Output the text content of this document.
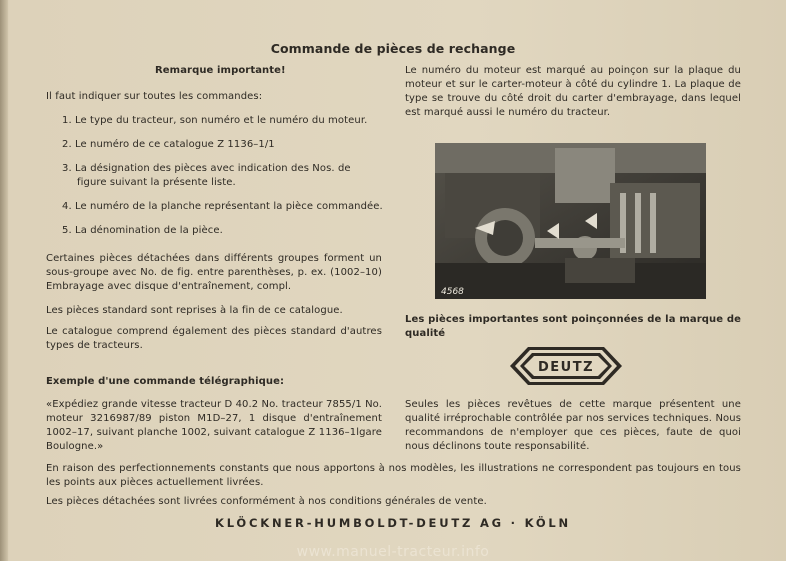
Commande de pièces de rechange
Remarque importante!
Il faut indiquer sur toutes les commandes:
1. Le type du tracteur, son numéro et le numéro du moteur.
2. Le numéro de ce catalogue Z 1136–1/1
3. La désignation des pièces avec indication des Nos. de
figure suivant la présente liste.
4. Le numéro de la planche représentant la pièce commandée.
5. La dénomination de la pièce.
Certaines pièces détachées dans différents groupes forment un sous-groupe avec No. de fig. entre parenthèses, p. ex. (1002–10) Embrayage avec disque d'entraînement, compl.
Les pièces standard sont reprises à la fin de ce catalogue.
Le catalogue comprend également des pièces standard d'autres types de tracteurs.
Exemple d'une commande télégraphique:
«Expédiez grande vitesse tracteur D 40.2 No. tracteur 7855/1 No. moteur 3216987/89 piston M1D–27, 1 disque d'entraînement 1002–17, suivant planche 1002, suivant catalogue Z 1136–1lgare Boulogne.»
Le numéro du moteur est marqué au poinçon sur la plaque du moteur et sur le carter-moteur à côté du cylindre 1. La plaque de type se trouve du côté droit du carter d'embrayage, dans lequel est marqué aussi le numéro du tracteur.
4568
Les pièces importantes sont poinçonnées de la marque de qualité
DEUTZ
Seules les pièces revêtues de cette marque présentent une qualité irréprochable contrôlée par nos services techniques. Nous recommandons de n'employer que ces pièces, faute de quoi nous déclinons toute responsabilité.
En raison des perfectionnements constants que nous apportons à nos modèles, les illustrations ne correspondent pas toujours en tous les points aux pièces actuellement livrées.
Les pièces détachées sont livrées conformément à nos conditions générales de vente.
KLÖCKNER-HUMBOLDT-DEUTZ AG · KÖLN
www.manuel-tracteur.info
